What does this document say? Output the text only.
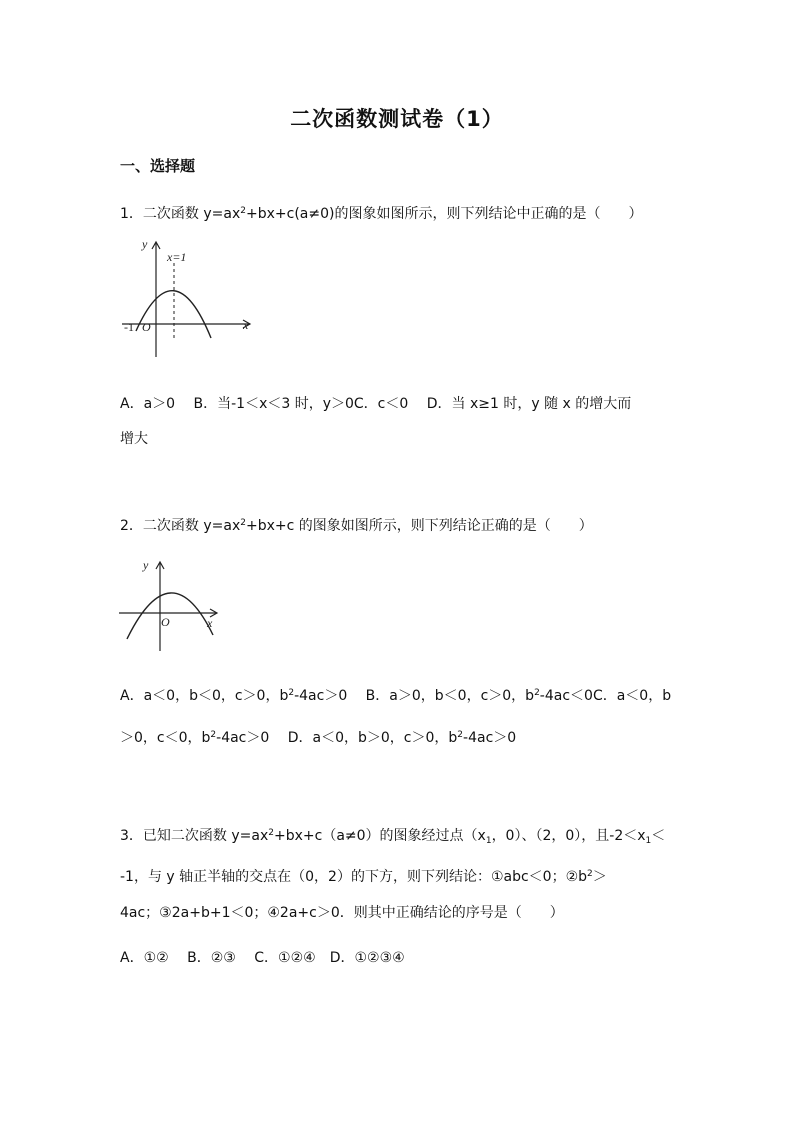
二次函数测试卷（1）
一、选择题
1．二次函数 $y=ax^2+bx+c(a\ne 0)$的图象如图所示，则下列结论中正确的是（　　）
y
x
x=1
-1 O
A．a＞0　 B．当-1＜x＜3 时，y＞0C．c＜0　 D．当 x≥1 时，y 随 x 的增大而
增大
2．二次函数 $y=ax^2+bx+c$ 的图象如图所示，则下列结论正确的是（　　）
y
x
O
A．a＜0，b＜0，c＞0，$b^2-4ac>0$　 B．a＞0，b＜0，c＞0，$b^2-4ac<0C$．a＜0，b
＞0，c＜0，$b^2-4ac>0$　 D．a＜0，b＞0，c＞0，$b^2-4ac>0$
3．已知二次函数 $y=ax^2+bx+c(a\ne 0)$的图象经过点（$x_1$，0）、（2，0），且$-2<x_1<$
-1，与 y 轴正半轴的交点在（0，2）的下方，则下列结论：①abc＜0；$②b^2>$
4ac；③2a+b+1＜0；④2a+c＞0．则其中正确结论的序号是（　　）
A．①②　 B．②③　 C．①②④　D．①②③④
